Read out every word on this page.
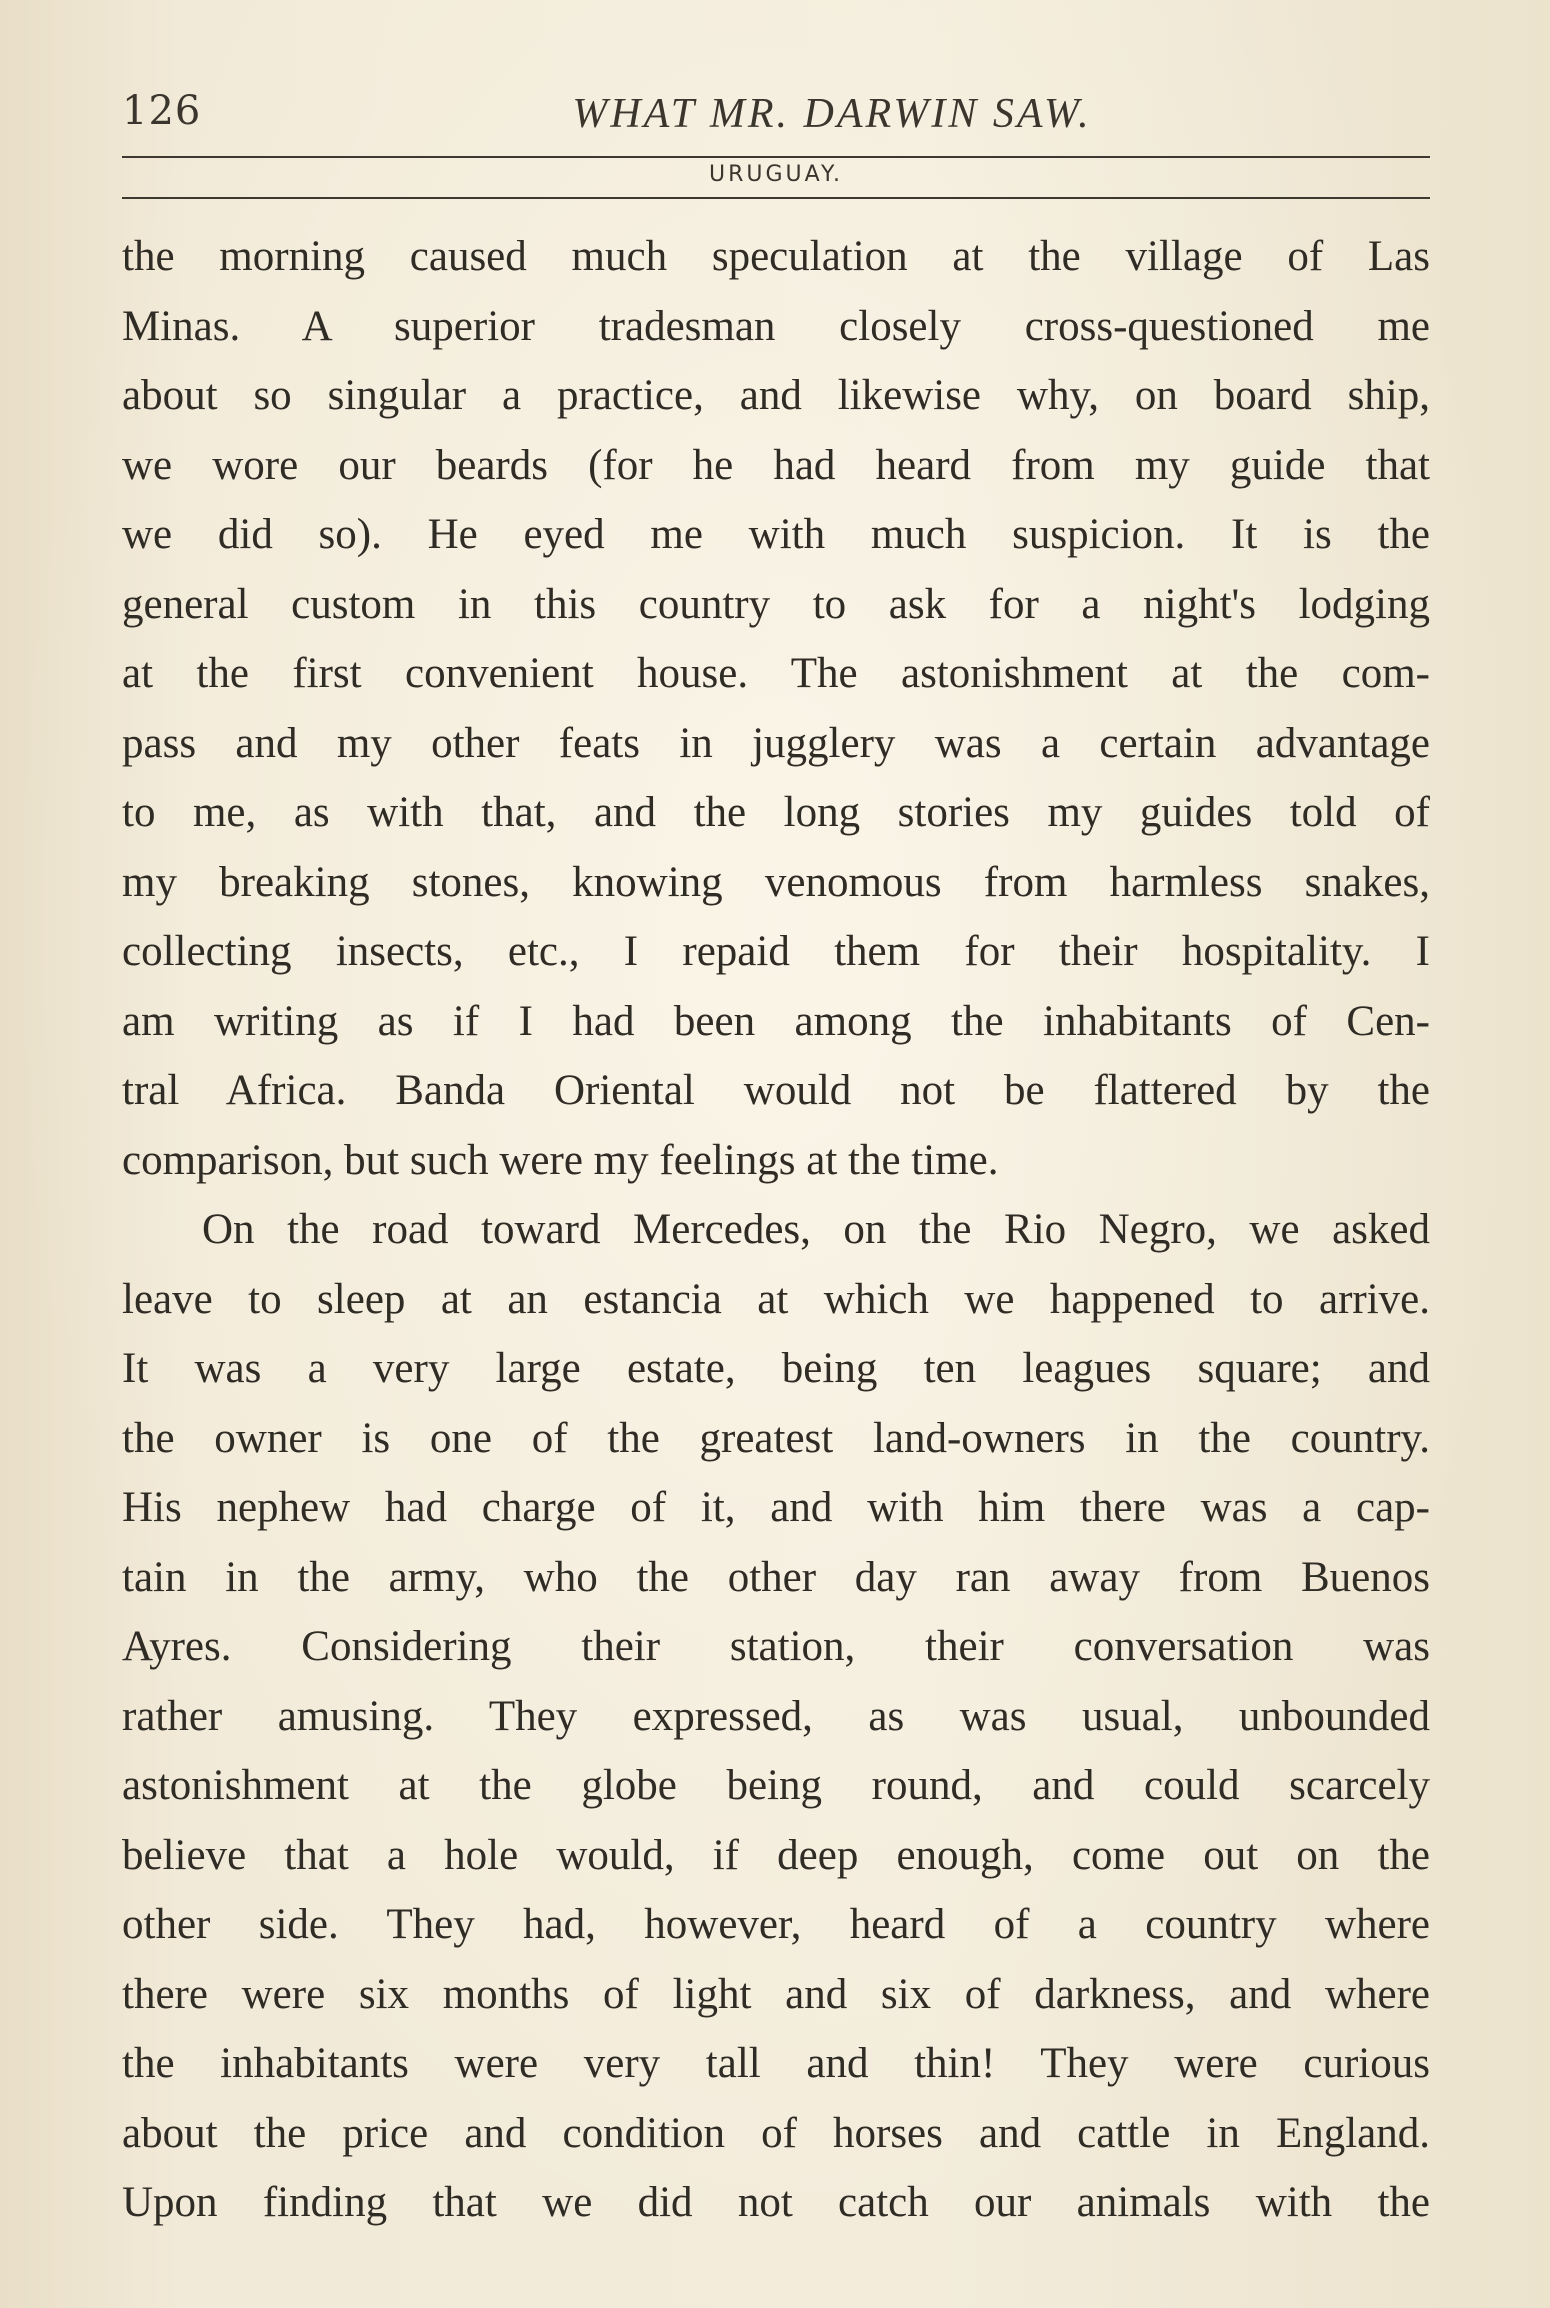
126	WHAT MR. DARWIN SAW.
URUGUAY.
the morning caused much speculation at the village of Las
Minas. A superior tradesman closely cross-questioned me
about so singular a practice, and likewise why, on board ship,
we wore our beards (for he had heard from my guide that
we did so). He eyed me with much suspicion. It is the
general custom in this country to ask for a night's lodging
at the first convenient house. The astonishment at the com-
pass and my other feats in jugglery was a certain advantage
to me, as with that, and the long stories my guides told of
my breaking stones, knowing venomous from harmless snakes,
collecting insects, etc., I repaid them for their hospitality. I
am writing as if I had been among the inhabitants of Cen-
tral Africa. Banda Oriental would not be flattered by the
comparison, but such were my feelings at the time.
On the road toward Mercedes, on the Rio Negro, we asked
leave to sleep at an estancia at which we happened to arrive.
It was a very large estate, being ten leagues square; and
the owner is one of the greatest land-owners in the country.
His nephew had charge of it, and with him there was a cap-
tain in the army, who the other day ran away from Buenos
Ayres. Considering their station, their conversation was
rather amusing. They expressed, as was usual, unbounded
astonishment at the globe being round, and could scarcely
believe that a hole would, if deep enough, come out on the
other side. They had, however, heard of a country where
there were six months of light and six of darkness, and where
the inhabitants were very tall and thin! They were curious
about the price and condition of horses and cattle in England.
Upon finding that we did not catch our animals with the
